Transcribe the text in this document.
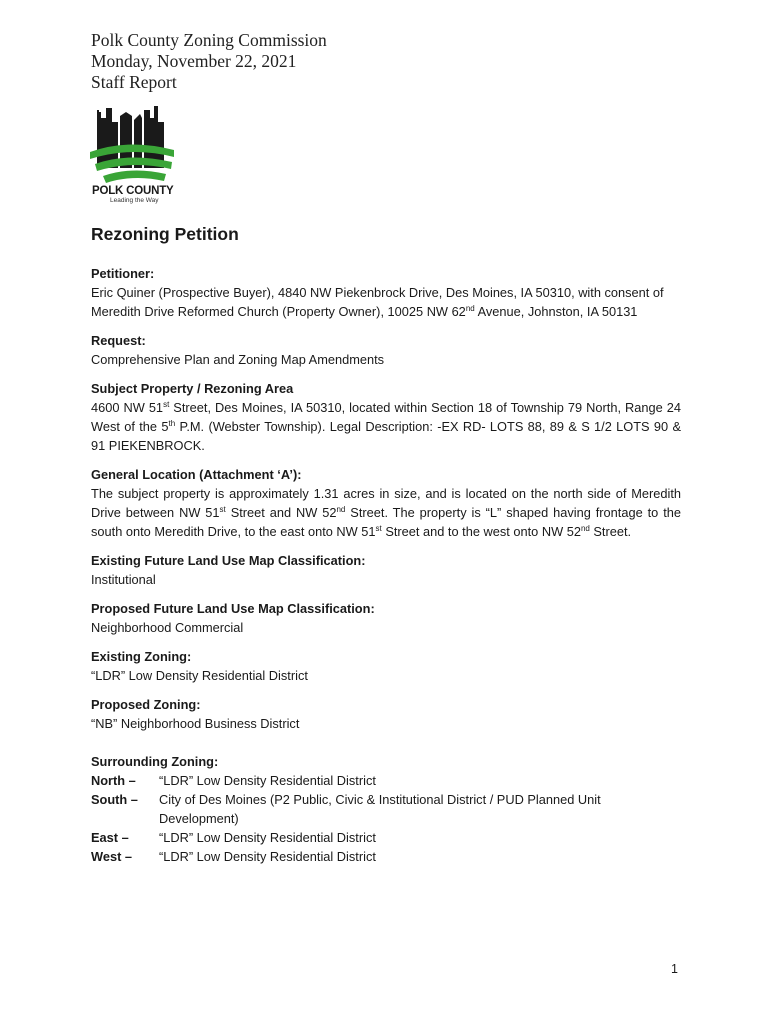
Polk County Zoning Commission
Monday, November 22, 2021
Staff Report
POLK COUNTY
Leading the Way
Rezoning Petition
Petitioner:
Eric Quiner (Prospective Buyer), 4840 NW Piekenbrock Drive, Des Moines, IA 50310, with consent of Meredith Drive Reformed Church (Property Owner), 10025 NW 62nd Avenue, Johnston, IA 50131
Request:
Comprehensive Plan and Zoning Map Amendments
Subject Property / Rezoning Area
4600 NW 51st Street, Des Moines, IA 50310, located within Section 18 of Township 79 North, Range 24 West of the 5th P.M. (Webster Township). Legal Description: -EX RD- LOTS 88, 89 & S 1/2 LOTS 90 & 91 PIEKENBROCK.
General Location (Attachment ‘A’):
The subject property is approximately 1.31 acres in size, and is located on the north side of Meredith Drive between NW 51st Street and NW 52nd Street. The property is “L” shaped having frontage to the south onto Meredith Drive, to the east onto NW 51st Street and to the west onto NW 52nd Street.
Existing Future Land Use Map Classification:
Institutional
Proposed Future Land Use Map Classification:
Neighborhood Commercial
Existing Zoning:
“LDR” Low Density Residential District
Proposed Zoning:
“NB” Neighborhood Business District
Surrounding Zoning:
North –	“LDR” Low Density Residential District
South –	City of Des Moines (P2 Public, Civic & Institutional District / PUD Planned Unit Development)
East –	“LDR” Low Density Residential District
West –	“LDR” Low Density Residential District
1
